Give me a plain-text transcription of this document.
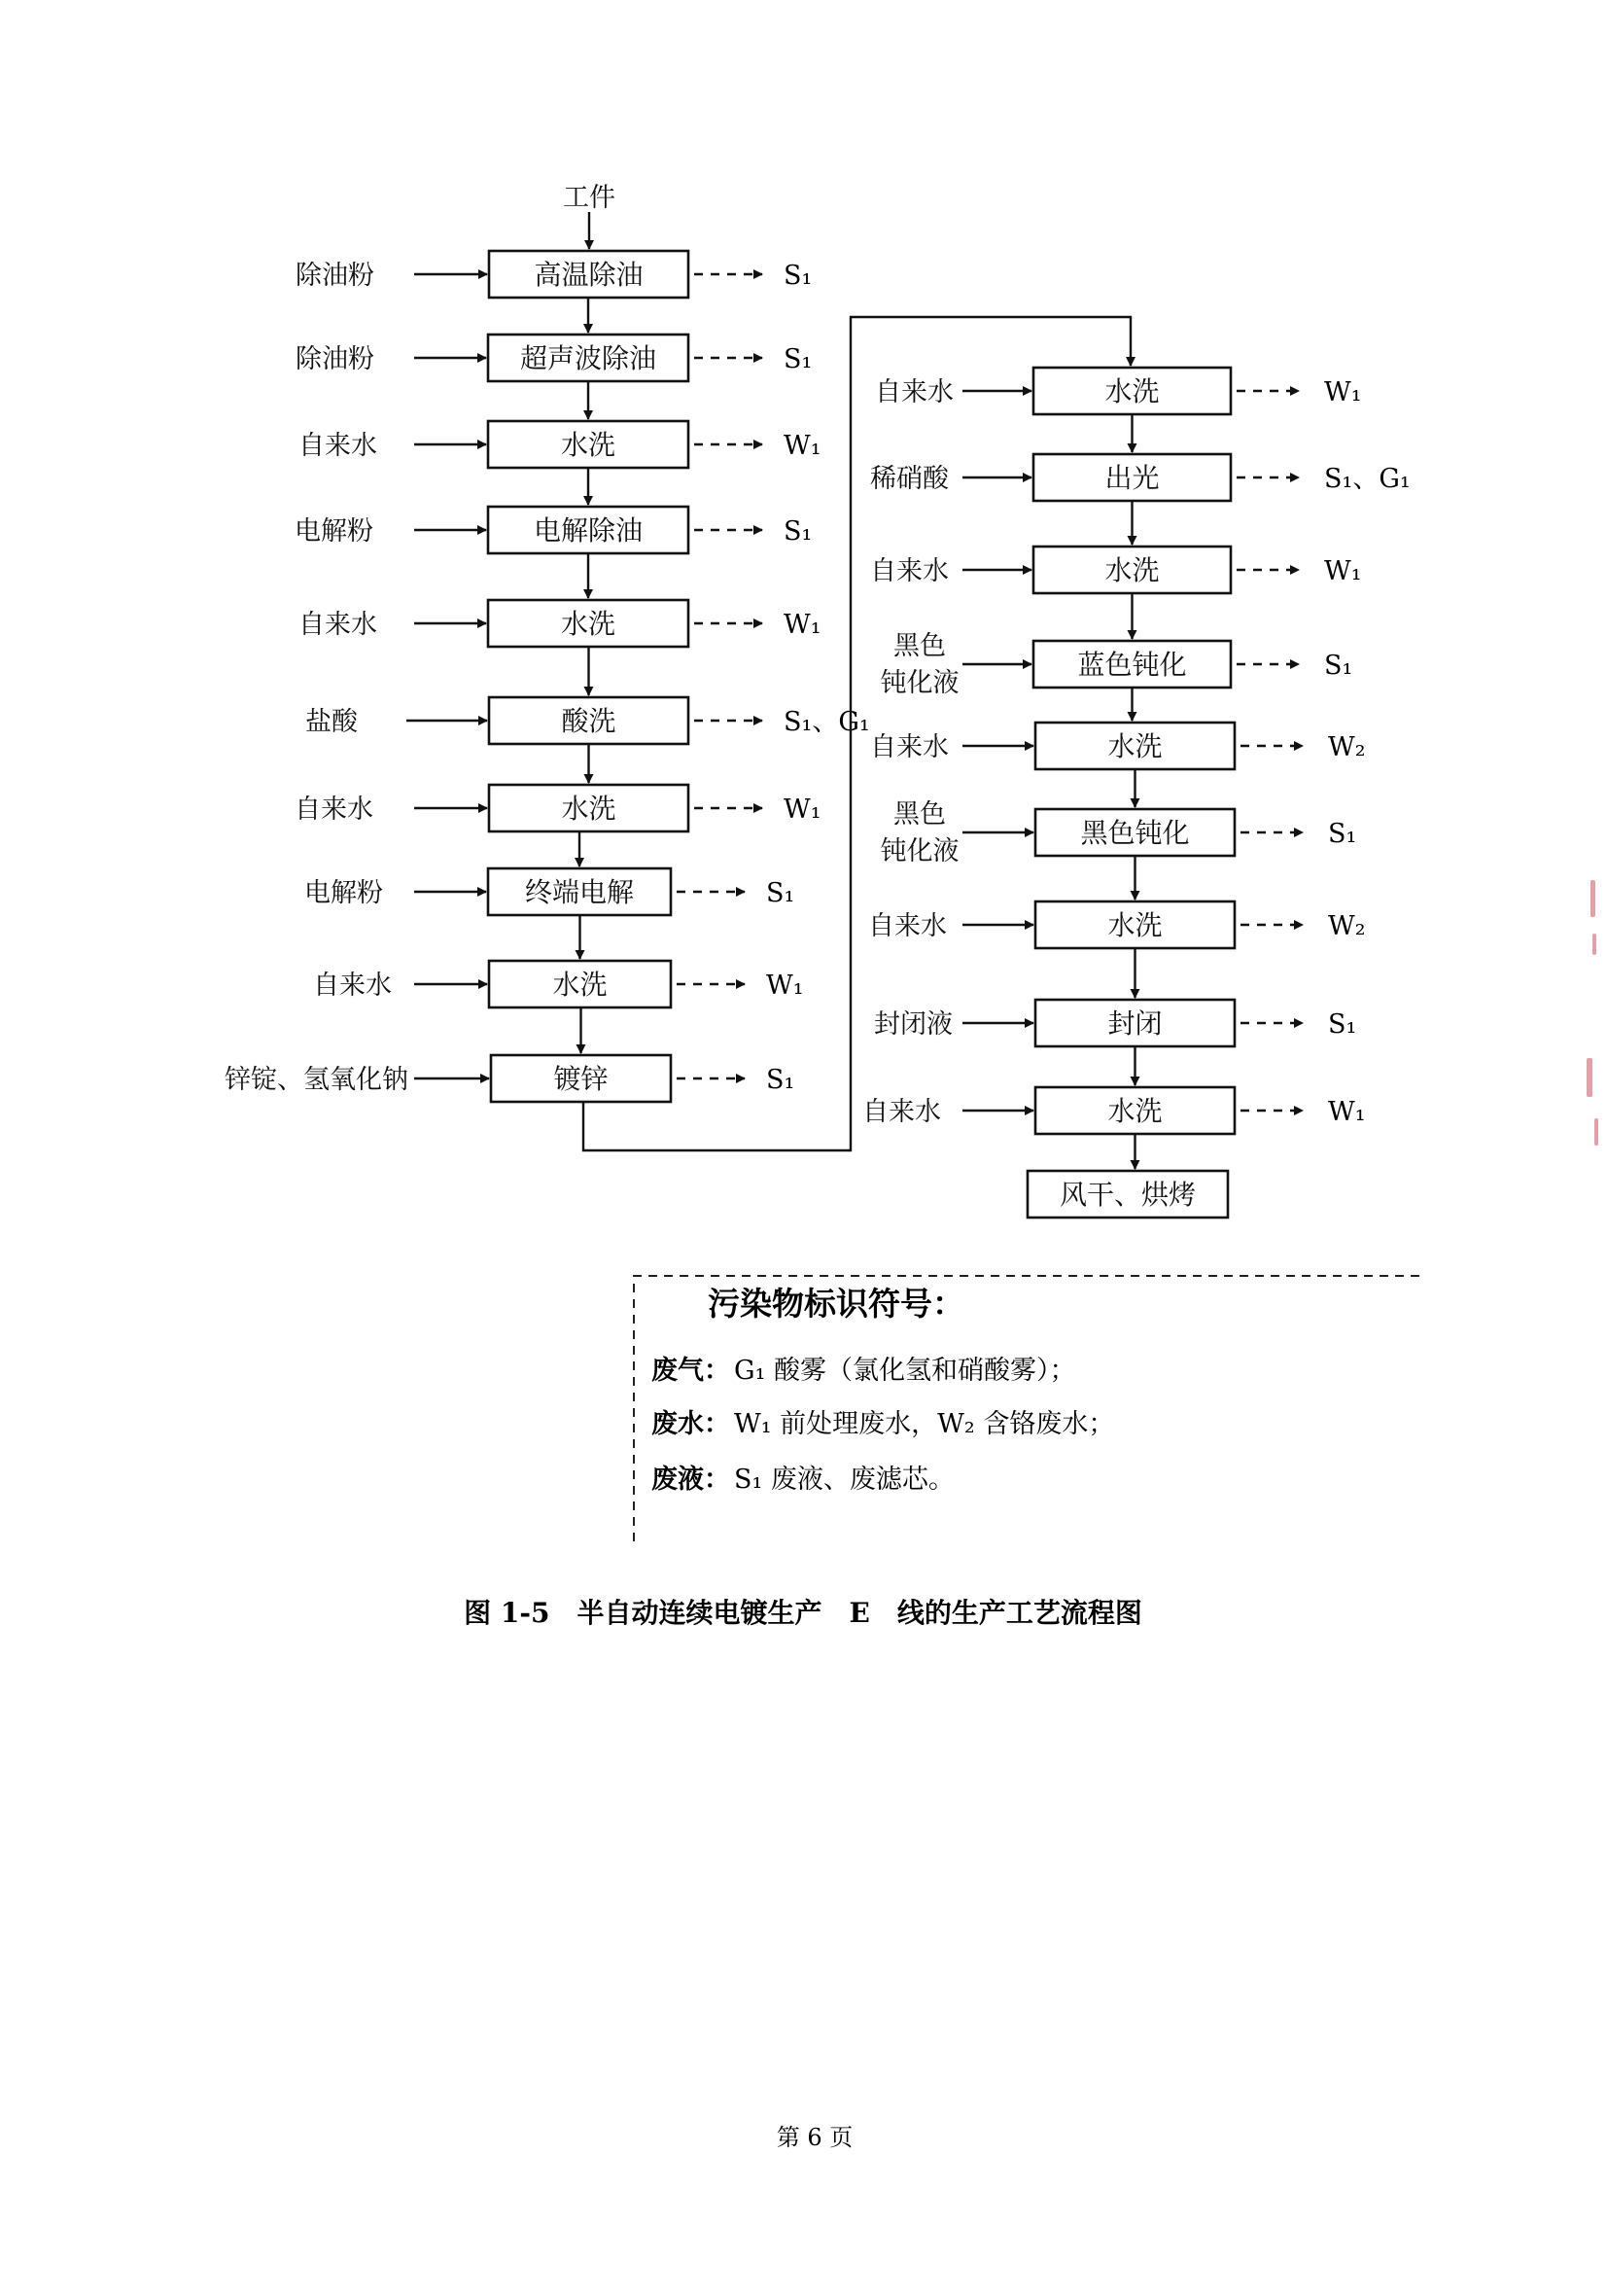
工件
高温除油
除油粉	S₁
超声波除油
除油粉	S₁
水洗
自来水	W₁
电解除油
电解粉	S₁
水洗
自来水	W₁
酸洗
盐酸	S₁、G₁
水洗
自来水	W₁
终端电解
电解粉	S₁
水洗
自来水	W₁
镀锌
锌锭、氢氧化钠	S₁
水洗
自来水	W₁
出光
稀硝酸	S₁、G₁
水洗
自来水	W₁
蓝色钝化
黑色钝化液
S₁
水洗
自来水	W₂
黑色钝化
黑色钝化液
S₁
水洗
自来水	W₂
封闭
封闭液	S₁
水洗
自来水	W₁
风干、烘烤
污染物标识符号：
废气： G₁ 酸雾（氯化氢和硝酸雾）；
废水： W₁ 前处理废水，W₂ 含铬废水；
废液： S₁ 废液、废滤芯。
图 1-5　半自动连续电镀生产　E　线的生产工艺流程图
第 6 页
